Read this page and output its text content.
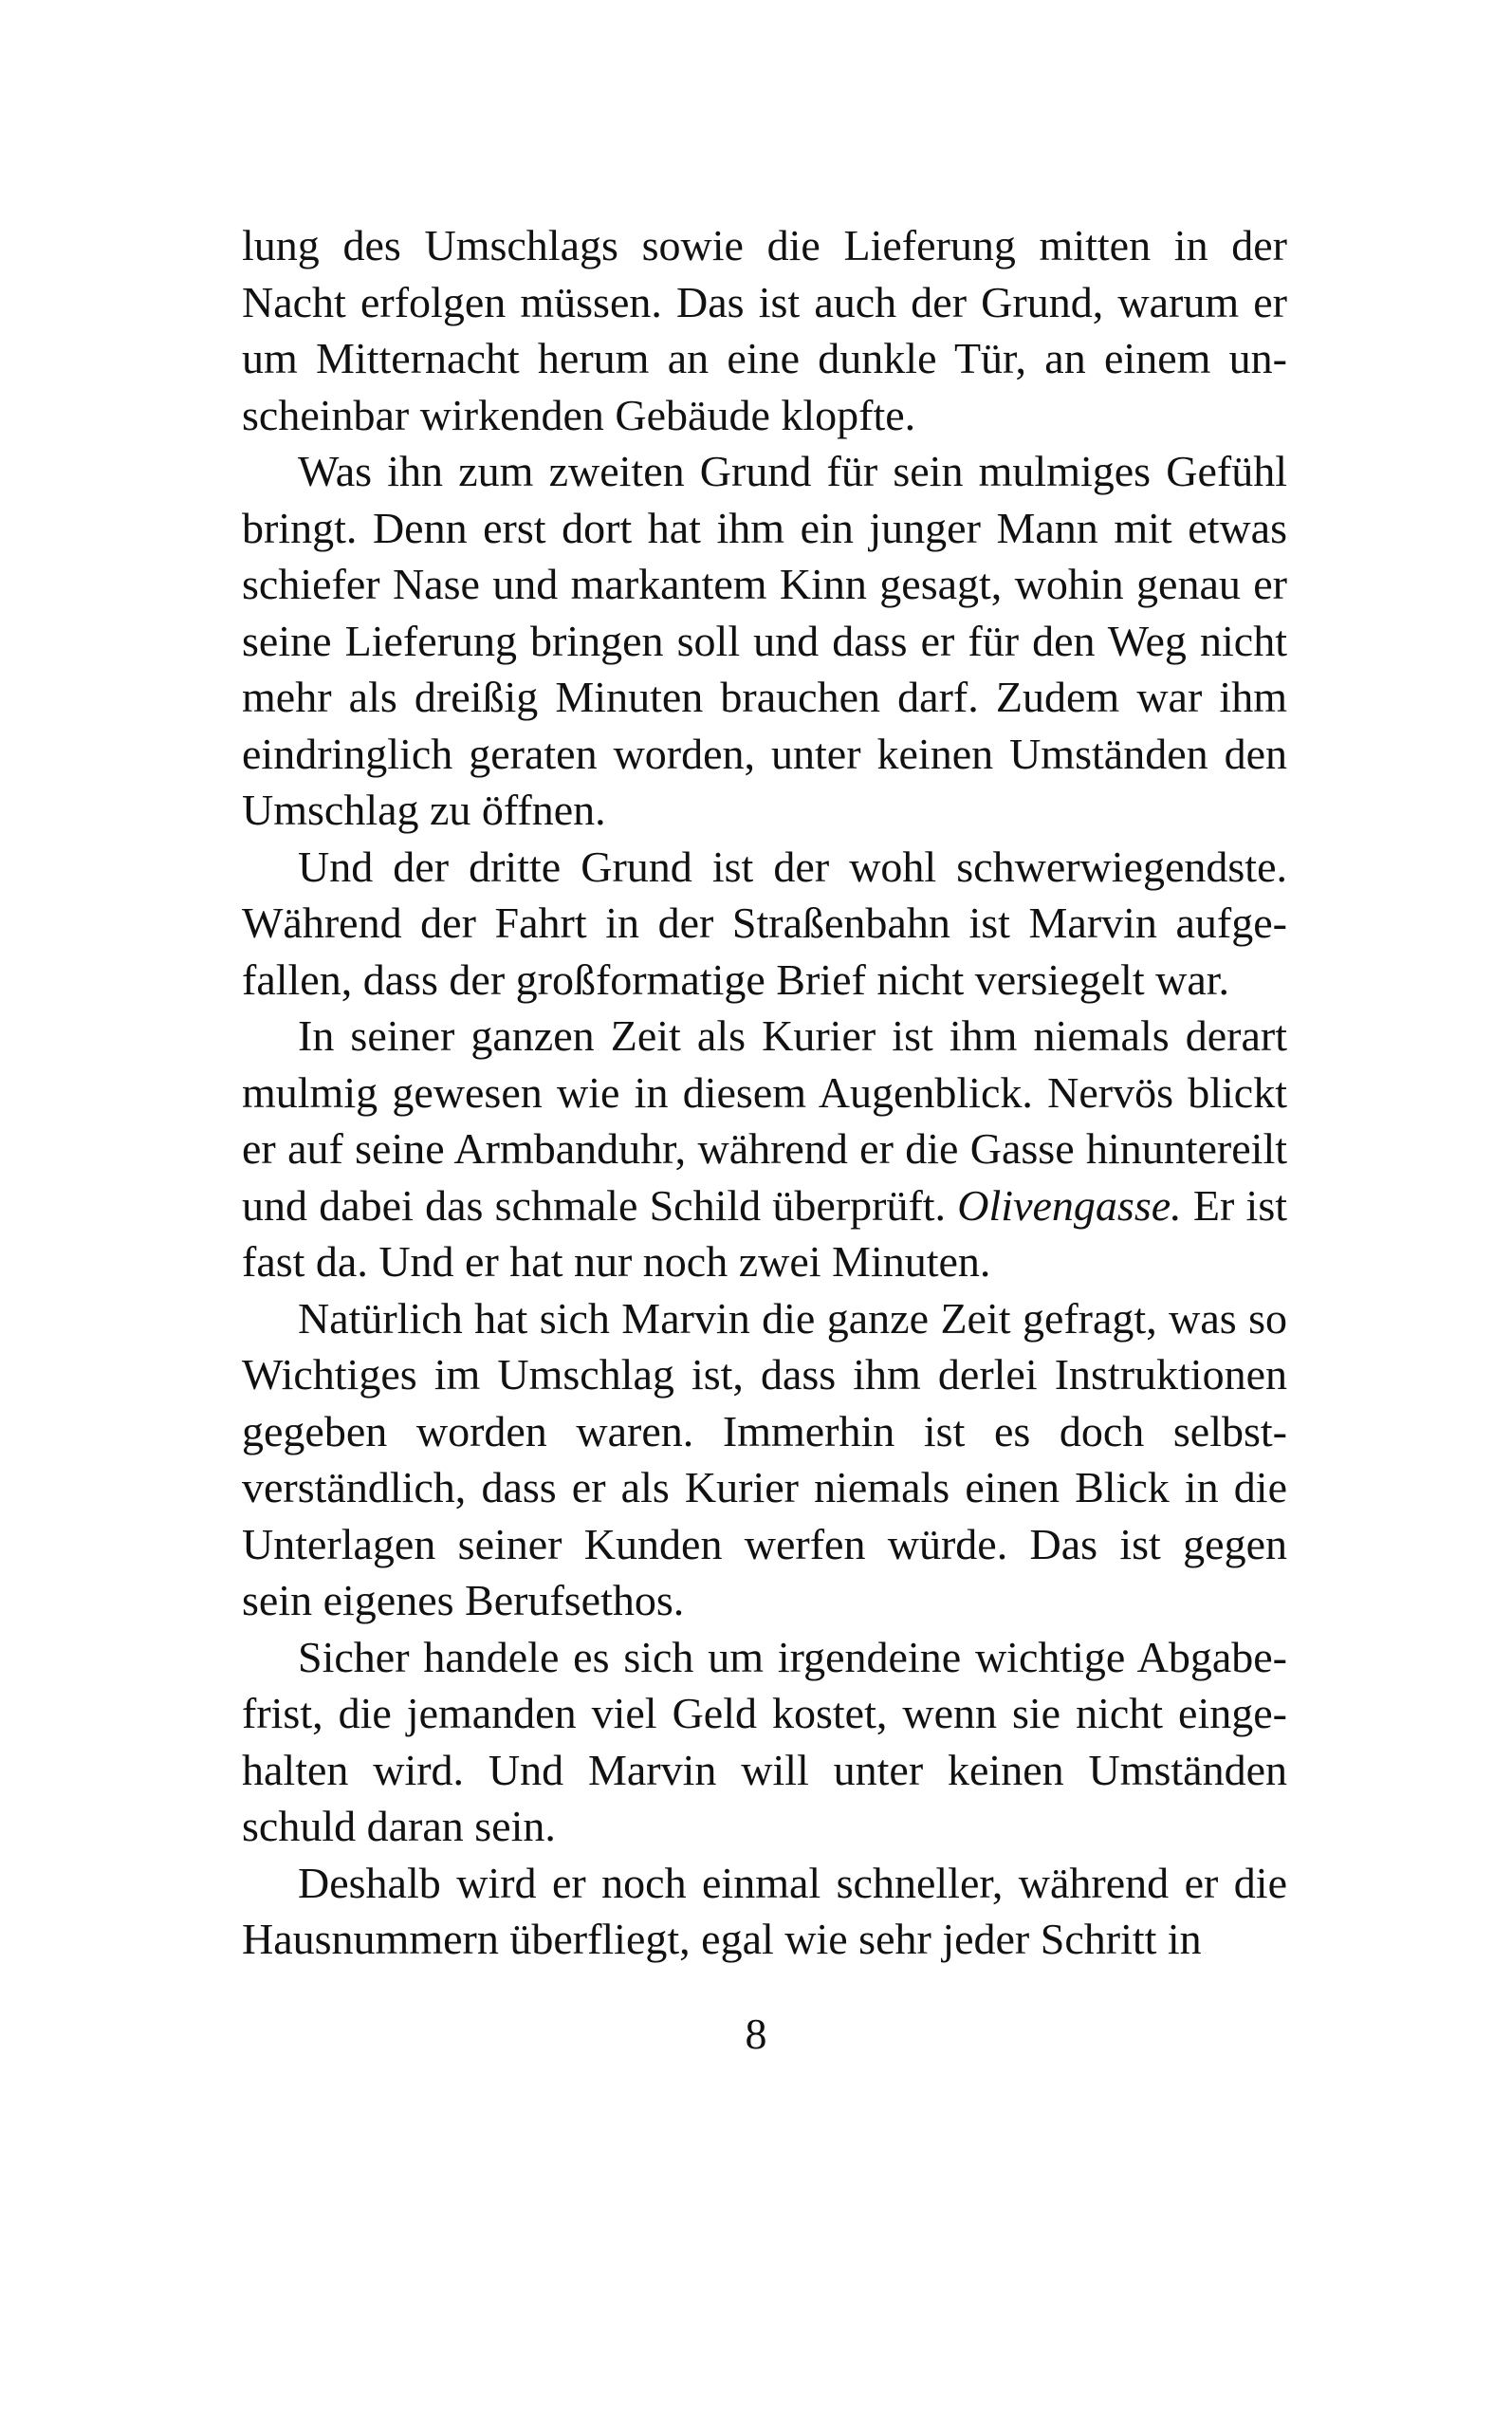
lung des Umschlags sowie die Lieferung mitten in der Nacht erfolgen müssen. Das ist auch der Grund, warum er um Mitternacht herum an eine dunkle Tür, an einem unscheinbar wirkenden Gebäude klopfte.

Was ihn zum zweiten Grund für sein mulmiges Gefühl bringt. Denn erst dort hat ihm ein junger Mann mit etwas schiefer Nase und markantem Kinn gesagt, wohin genau er seine Lieferung bringen soll und dass er für den Weg nicht mehr als dreißig Minuten brauchen darf. Zudem war ihm eindringlich geraten worden, unter keinen Umständen den Umschlag zu öffnen.

Und der dritte Grund ist der wohl schwerwiegendste. Während der Fahrt in der Straßenbahn ist Marvin aufgefallen, dass der großformatige Brief nicht versiegelt war.

In seiner ganzen Zeit als Kurier ist ihm niemals derart mulmig gewesen wie in diesem Augenblick. Nervös blickt er auf seine Armbanduhr, während er die Gasse hinuntereilt und dabei das schmale Schild überprüft. Olivengasse. Er ist fast da. Und er hat nur noch zwei Minuten.

Natürlich hat sich Marvin die ganze Zeit gefragt, was so Wichtiges im Umschlag ist, dass ihm derlei Instruktionen gegeben worden waren. Immerhin ist es doch selbstverständlich, dass er als Kurier niemals einen Blick in die Unterlagen seiner Kunden werfen würde. Das ist gegen sein eigenes Berufsethos.

Sicher handele es sich um irgendeine wichtige Abgabefrist, die jemanden viel Geld kostet, wenn sie nicht eingehalten wird. Und Marvin will unter keinen Umständen schuld daran sein.

Deshalb wird er noch einmal schneller, während er die Hausnummern überfliegt, egal wie sehr jeder Schritt in

8
